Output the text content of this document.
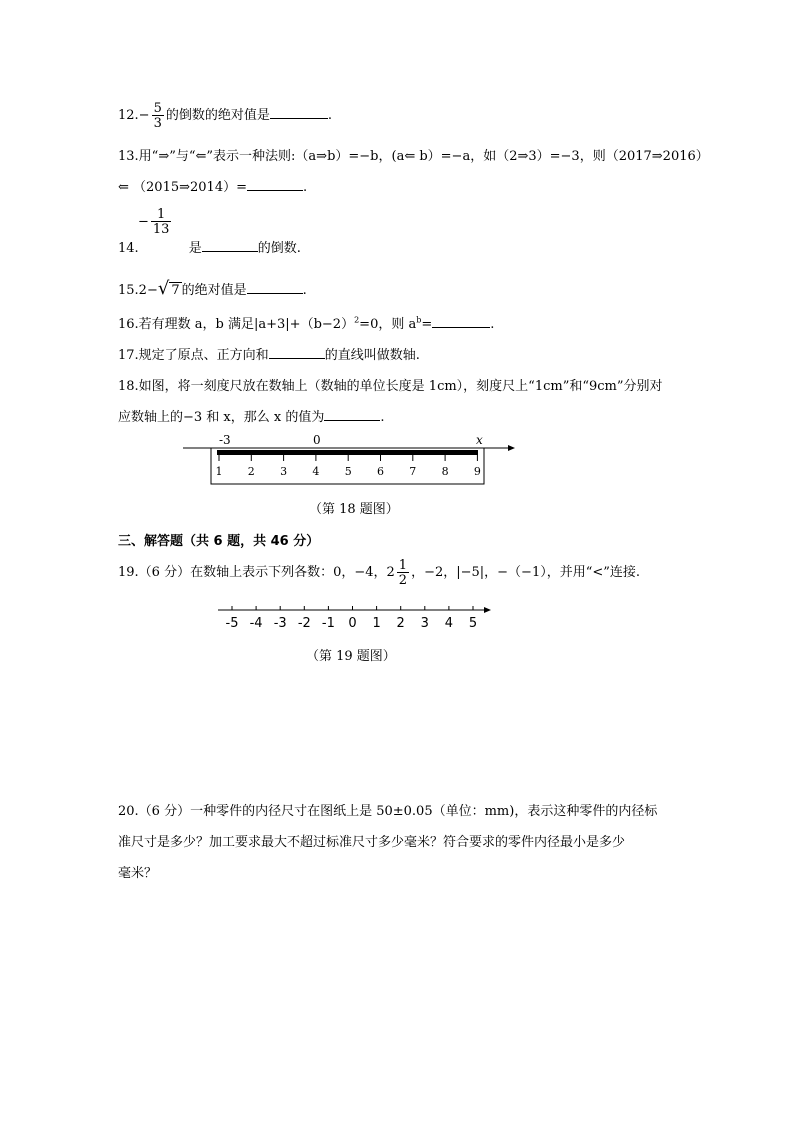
$12.- \frac{5}{3}$ 的倒数的绝对值是	.
13.用“⇒”与“⇐”表示一种法则:（a⇒b）=−b，(a⇐ b）=−a，如（2⇒3）=−3，则（2017⇒2016）
⇐ （2015⇒2014）=	.
− $\frac{1}{13}$
14.	是	的倒数.
15.2−√ 7 的绝对值是	.
16.若有理数 a，b 满足$|a+3|+(b-2)^2=0$，则 $a^b=$	.
17.规定了原点、正方向和	的直线叫做数轴.
18.如图，将一刻度尺放在数轴上（数轴的单位长度是 1cm），刻度尺上“1cm”和“9cm”分别对
应数轴上的−3 和 x，那么 x 的值为	.
-3	0	x
1 2 3 4 5 6 7 8 9
（第 18 题图）
三、解答题（共 6 题，共 46 分）
19.（6 分）在数轴上表示下列各数：0，−4，$2 \frac{1}{2}$ ，−2，|−5|，−（−1），并用“<”连接.
-5 -4 -3 -2 -1 0 1 2 3 4 5
（第 19 题图）
20.（6 分）一种零件的内径尺寸在图纸上是 50±0.05（单位：mm)，表示这种零件的内径标
准尺寸是多少？加工要求最大不超过标准尺寸多少毫米？符合要求的零件内径最小是多少
毫米？
